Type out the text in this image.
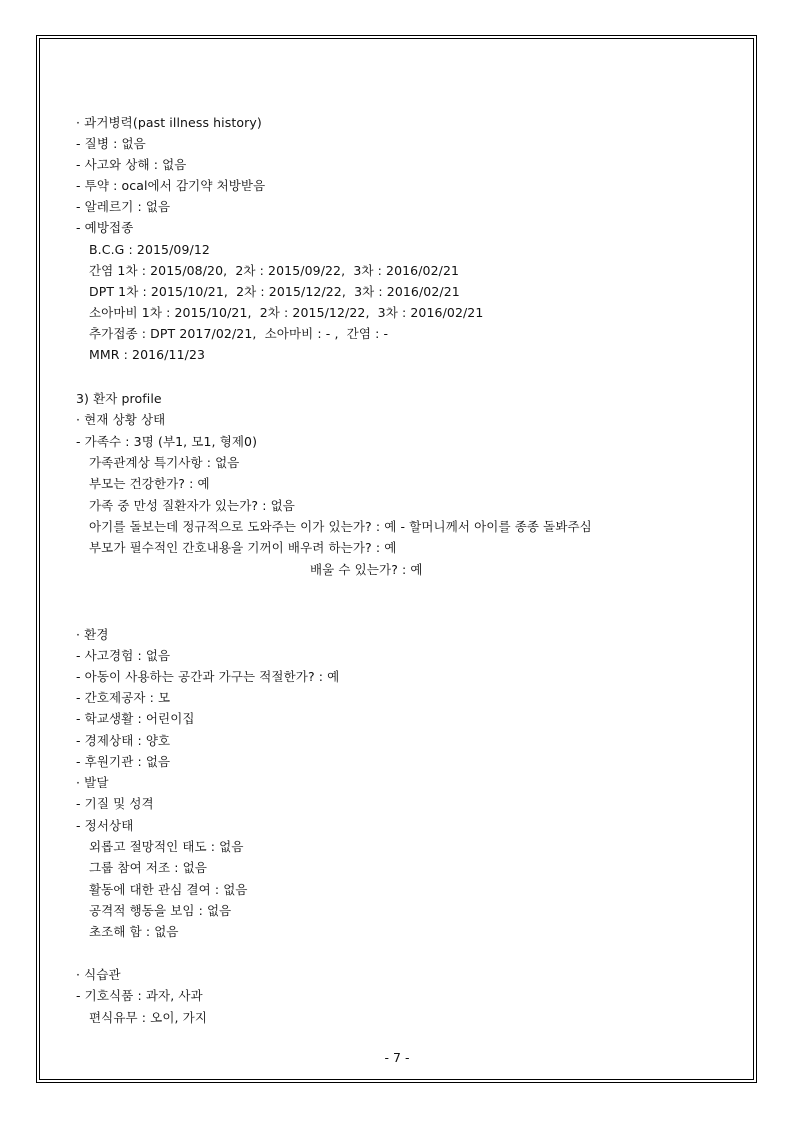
· 과거병력(past illness history)
- 질병 : 없음
- 사고와 상해 : 없음
- 투약 : ocal에서 감기약 처방받음
- 알레르기 : 없음
- 예방접종
B.C.G : 2015/09/12
간염 1차 : 2015/08/20,  2차 : 2015/09/22,  3차 : 2016/02/21
DPT 1차 : 2015/10/21,  2차 : 2015/12/22,  3차 : 2016/02/21
소아마비 1차 : 2015/10/21,  2차 : 2015/12/22,  3차 : 2016/02/21
추가접종 : DPT 2017/02/21,  소아마비 : - ,  간염 : -
MMR : 2016/11/23
3) 환자 profile
· 현재 상황 상태
- 가족수 : 3명 (부1, 모1, 형제0)
가족관계상 특기사항 : 없음
부모는 건강한가? : 예
가족 중 만성 질환자가 있는가? : 없음
아기를 돌보는데 정규적으로 도와주는 이가 있는가? : 예 - 할머니께서 아이를 종종 돌봐주심
부모가 필수적인 간호내용을 기꺼이 배우려 하는가? : 예
배울 수 있는가? : 예
· 환경
- 사고경험 : 없음
- 아동이 사용하는 공간과 가구는 적절한가? : 예
- 간호제공자 : 모
- 학교생활 : 어린이집
- 경제상태 : 양호
- 후원기관 : 없음
· 발달
- 기질 및 성격
- 정서상태
외롭고 절망적인 태도 : 없음
그룹 참여 저조 : 없음
활동에 대한 관심 결여 : 없음
공격적 행동을 보임 : 없음
초조해 함 : 없음
· 식습관
- 기호식품 : 과자, 사과
편식유무 : 오이, 가지
- 7 -
